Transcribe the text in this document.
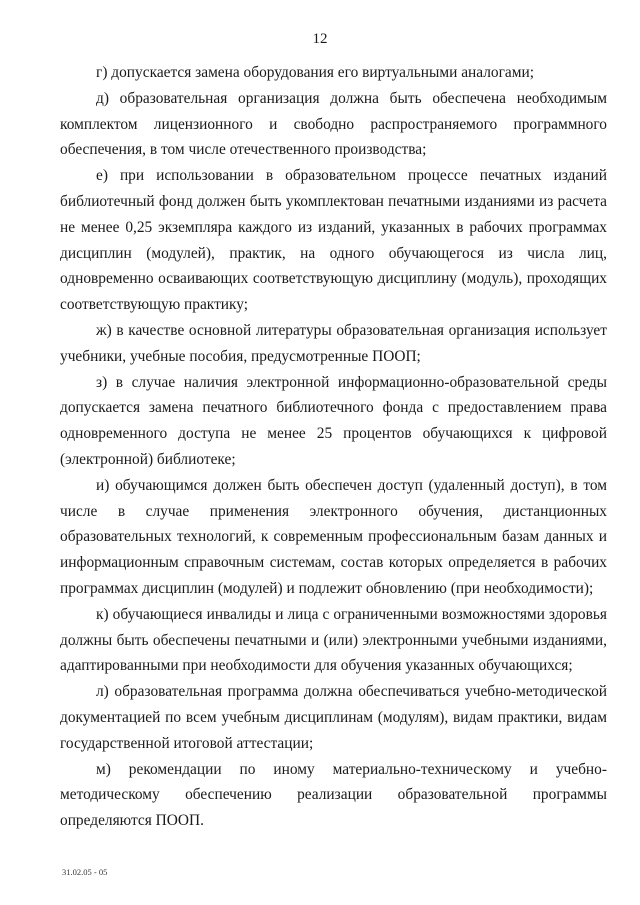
12

г) допускается замена оборудования его виртуальными аналогами;

д) образовательная организация должна быть обеспечена необходимым комплектом лицензионного и свободно распространяемого программного обеспечения, в том числе отечественного производства;

е) при использовании в образовательном процессе печатных изданий библиотечный фонд должен быть укомплектован печатными изданиями из расчета не менее 0,25 экземпляра каждого из изданий, указанных в рабочих программах дисциплин (модулей), практик, на одного обучающегося из числа лиц, одновременно осваивающих соответствующую дисциплину (модуль), проходящих соответствующую практику;

ж) в качестве основной литературы образовательная организация использует учебники, учебные пособия, предусмотренные ПООП;

з) в случае наличия электронной информационно-образовательной среды допускается замена печатного библиотечного фонда с предоставлением права одновременного доступа не менее 25 процентов обучающихся к цифровой (электронной) библиотеке;

и) обучающимся должен быть обеспечен доступ (удаленный доступ), в том числе в случае применения электронного обучения, дистанционных образовательных технологий, к современным профессиональным базам данных и информационным справочным системам, состав которых определяется в рабочих программах дисциплин (модулей) и подлежит обновлению (при необходимости);

к) обучающиеся инвалиды и лица с ограниченными возможностями здоровья должны быть обеспечены печатными и (или) электронными учебными изданиями, адаптированными при необходимости для обучения указанных обучающихся;

л) образовательная программа должна обеспечиваться учебно-методической документацией по всем учебным дисциплинам (модулям), видам практики, видам государственной итоговой аттестации;

м) рекомендации по иному материально-техническому и учебно-методическому обеспечению реализации образовательной программы определяются ПООП.

31.02.05 - 05
